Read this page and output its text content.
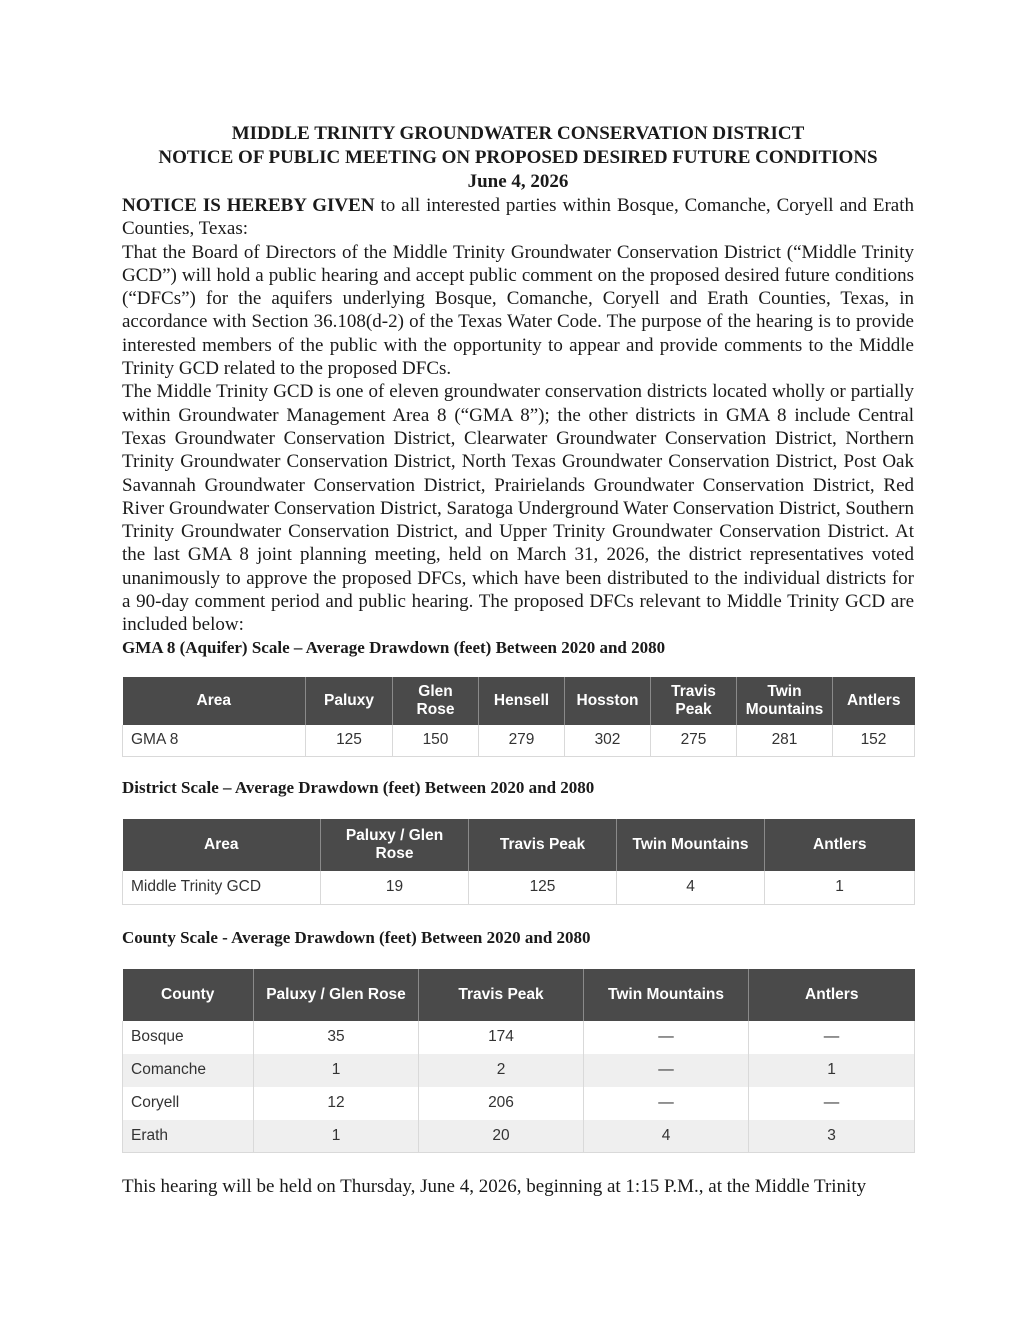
MIDDLE TRINITY GROUNDWATER CONSERVATION DISTRICT
NOTICE OF PUBLIC MEETING ON PROPOSED DESIRED FUTURE CONDITIONS
June 4, 2026

NOTICE IS HEREBY GIVEN to all interested parties within Bosque, Comanche, Coryell and Erath Counties, Texas:

That the Board of Directors of the Middle Trinity Groundwater Conservation District (“Middle Trinity GCD”) will hold a public hearing and accept public comment on the proposed desired future conditions (“DFCs”) for the aquifers underlying Bosque, Comanche, Coryell and Erath Counties, Texas, in accordance with Section 36.108(d-2) of the Texas Water Code. The purpose of the hearing is to provide interested members of the public with the opportunity to appear and provide comments to the Middle Trinity GCD related to the proposed DFCs.

The Middle Trinity GCD is one of eleven groundwater conservation districts located wholly or partially within Groundwater Management Area 8 (“GMA 8”); the other districts in GMA 8 include Central Texas Groundwater Conservation District, Clearwater Groundwater Conservation District, Northern Trinity Groundwater Conservation District, North Texas Groundwater Conservation District, Post Oak Savannah Groundwater Conservation District, Prairielands Groundwater Conservation District, Red River Groundwater Conservation District, Saratoga Underground Water Conservation District, Southern Trinity Groundwater Conservation District, and Upper Trinity Groundwater Conservation District. At the last GMA 8 joint planning meeting, held on March 31, 2026, the district representatives voted unanimously to approve the proposed DFCs, which have been distributed to the individual districts for a 90-day comment period and public hearing. The proposed DFCs relevant to Middle Trinity GCD are included below:

GMA 8 (Aquifer) Scale – Average Drawdown (feet) Between 2020 and 2080
Area	Paluxy	Glen Rose	Hensell	Hosston	Travis Peak	Twin Mountains	Antlers
GMA 8	125	150	279	302	275	281	152
District Scale – Average Drawdown (feet) Between 2020 and 2080
Area	Paluxy / Glen Rose	Travis Peak	Twin Mountains	Antlers
Middle Trinity GCD	19	125	4	1
County Scale - Average Drawdown (feet) Between 2020 and 2080
County	Paluxy / Glen Rose	Travis Peak	Twin Mountains	Antlers
Bosque	35	174	—	—
Comanche	1	2	—	1
Coryell	12	206	—	—
Erath	1	20	4	3

This hearing will be held on Thursday, June 4, 2026, beginning at 1:15 P.M., at the Middle Trinity
